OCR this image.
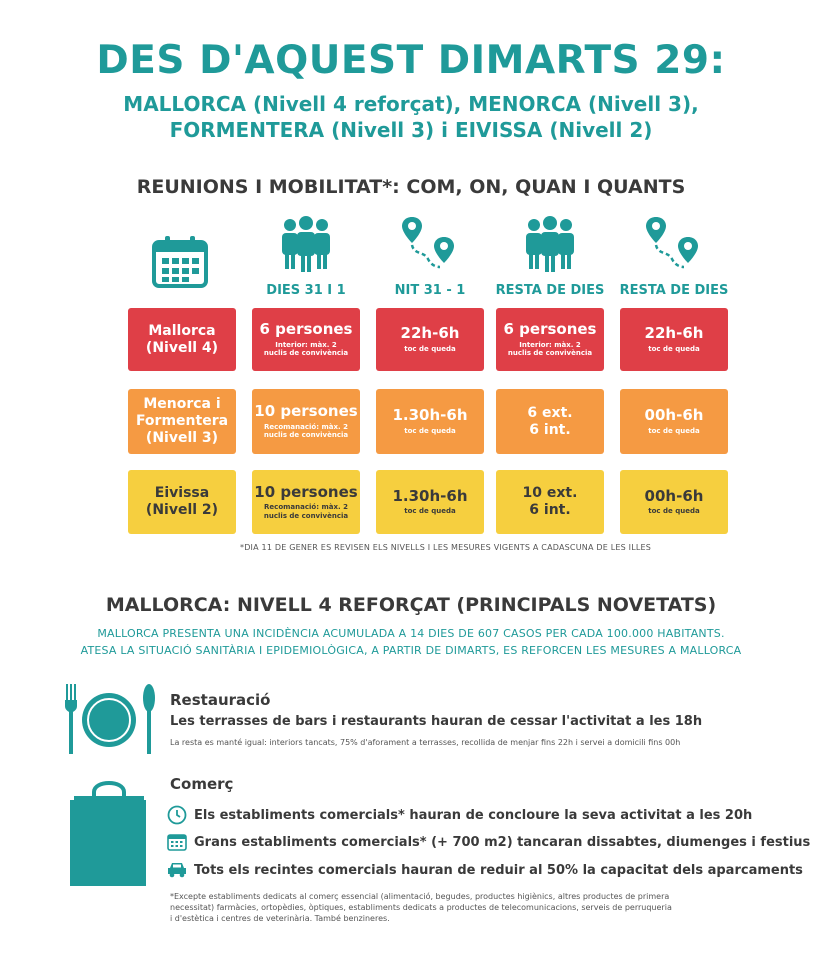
DES D'AQUEST DIMARTS 29:
MALLORCA (Nivell 4 reforçat), MENORCA (Nivell 3),
FORMENTERA (Nivell 3) i EIVISSA (Nivell 2)
REUNIONS I MOBILITAT*: COM, ON, QUAN I QUANTS
DIES 31 I 1	NIT 31 - 1	RESTA DE DIES RESTA DE DIES
Mallorca
(Nivell 4)
6 persones
Interior: màx. 2
nuclis de convivència
22h-6h
toc de queda
6 persones
Interior: màx. 2
nuclis de convivència
22h-6h
toc de queda
Menorca i
Formentera
(Nivell 3)
10 persones
Recomanació: màx. 2
nuclis de convivència
1.30h-6h
toc de queda
6 ext.
6 int.
00h-6h
toc de queda
Eivissa
(Nivell 2)
10 persones
Recomanació: màx. 2
nuclis de convivència
1.30h-6h
toc de queda
10 ext.
6 int.
00h-6h
toc de queda
*DIA 11 DE GENER ES REVISEN ELS NIVELLS I LES MESURES VIGENTS A CADASCUNA DE LES ILLES
MALLORCA: NIVELL 4 REFORÇAT (PRINCIPALS NOVETATS)
MALLORCA PRESENTA UNA INCIDÈNCIA ACUMULADA A 14 DIES DE 607 CASOS PER CADA 100.000 HABITANTS.
ATESA LA SITUACIÓ SANITÀRIA I EPIDEMIOLÒGICA, A PARTIR DE DIMARTS, ES REFORCEN LES MESURES A MALLORCA
Restauració
Les terrasses de bars i restaurants hauran de cessar l'activitat a les 18h
La resta es manté igual: interiors tancats, 75% d'aforament a terrasses, recollida de menjar fins 22h i servei a domicili fins 00h
Comerç
Els establiments comercials* hauran de concloure la seva activitat a les 20h
Grans establiments comercials* (+ 700 m2) tancaran dissabtes, diumenges i festius
Tots els recintes comercials hauran de reduir al 50% la capacitat dels aparcaments
*Excepte establiments dedicats al comerç essencial (alimentació, begudes, productes higiènics, altres productes de primera
necessitat) farmàcies, ortopèdies, òptiques, establiments dedicats a productes de telecomunicacions, serveis de perruqueria
i d'estètica i centres de veterinària. També benzineres.
